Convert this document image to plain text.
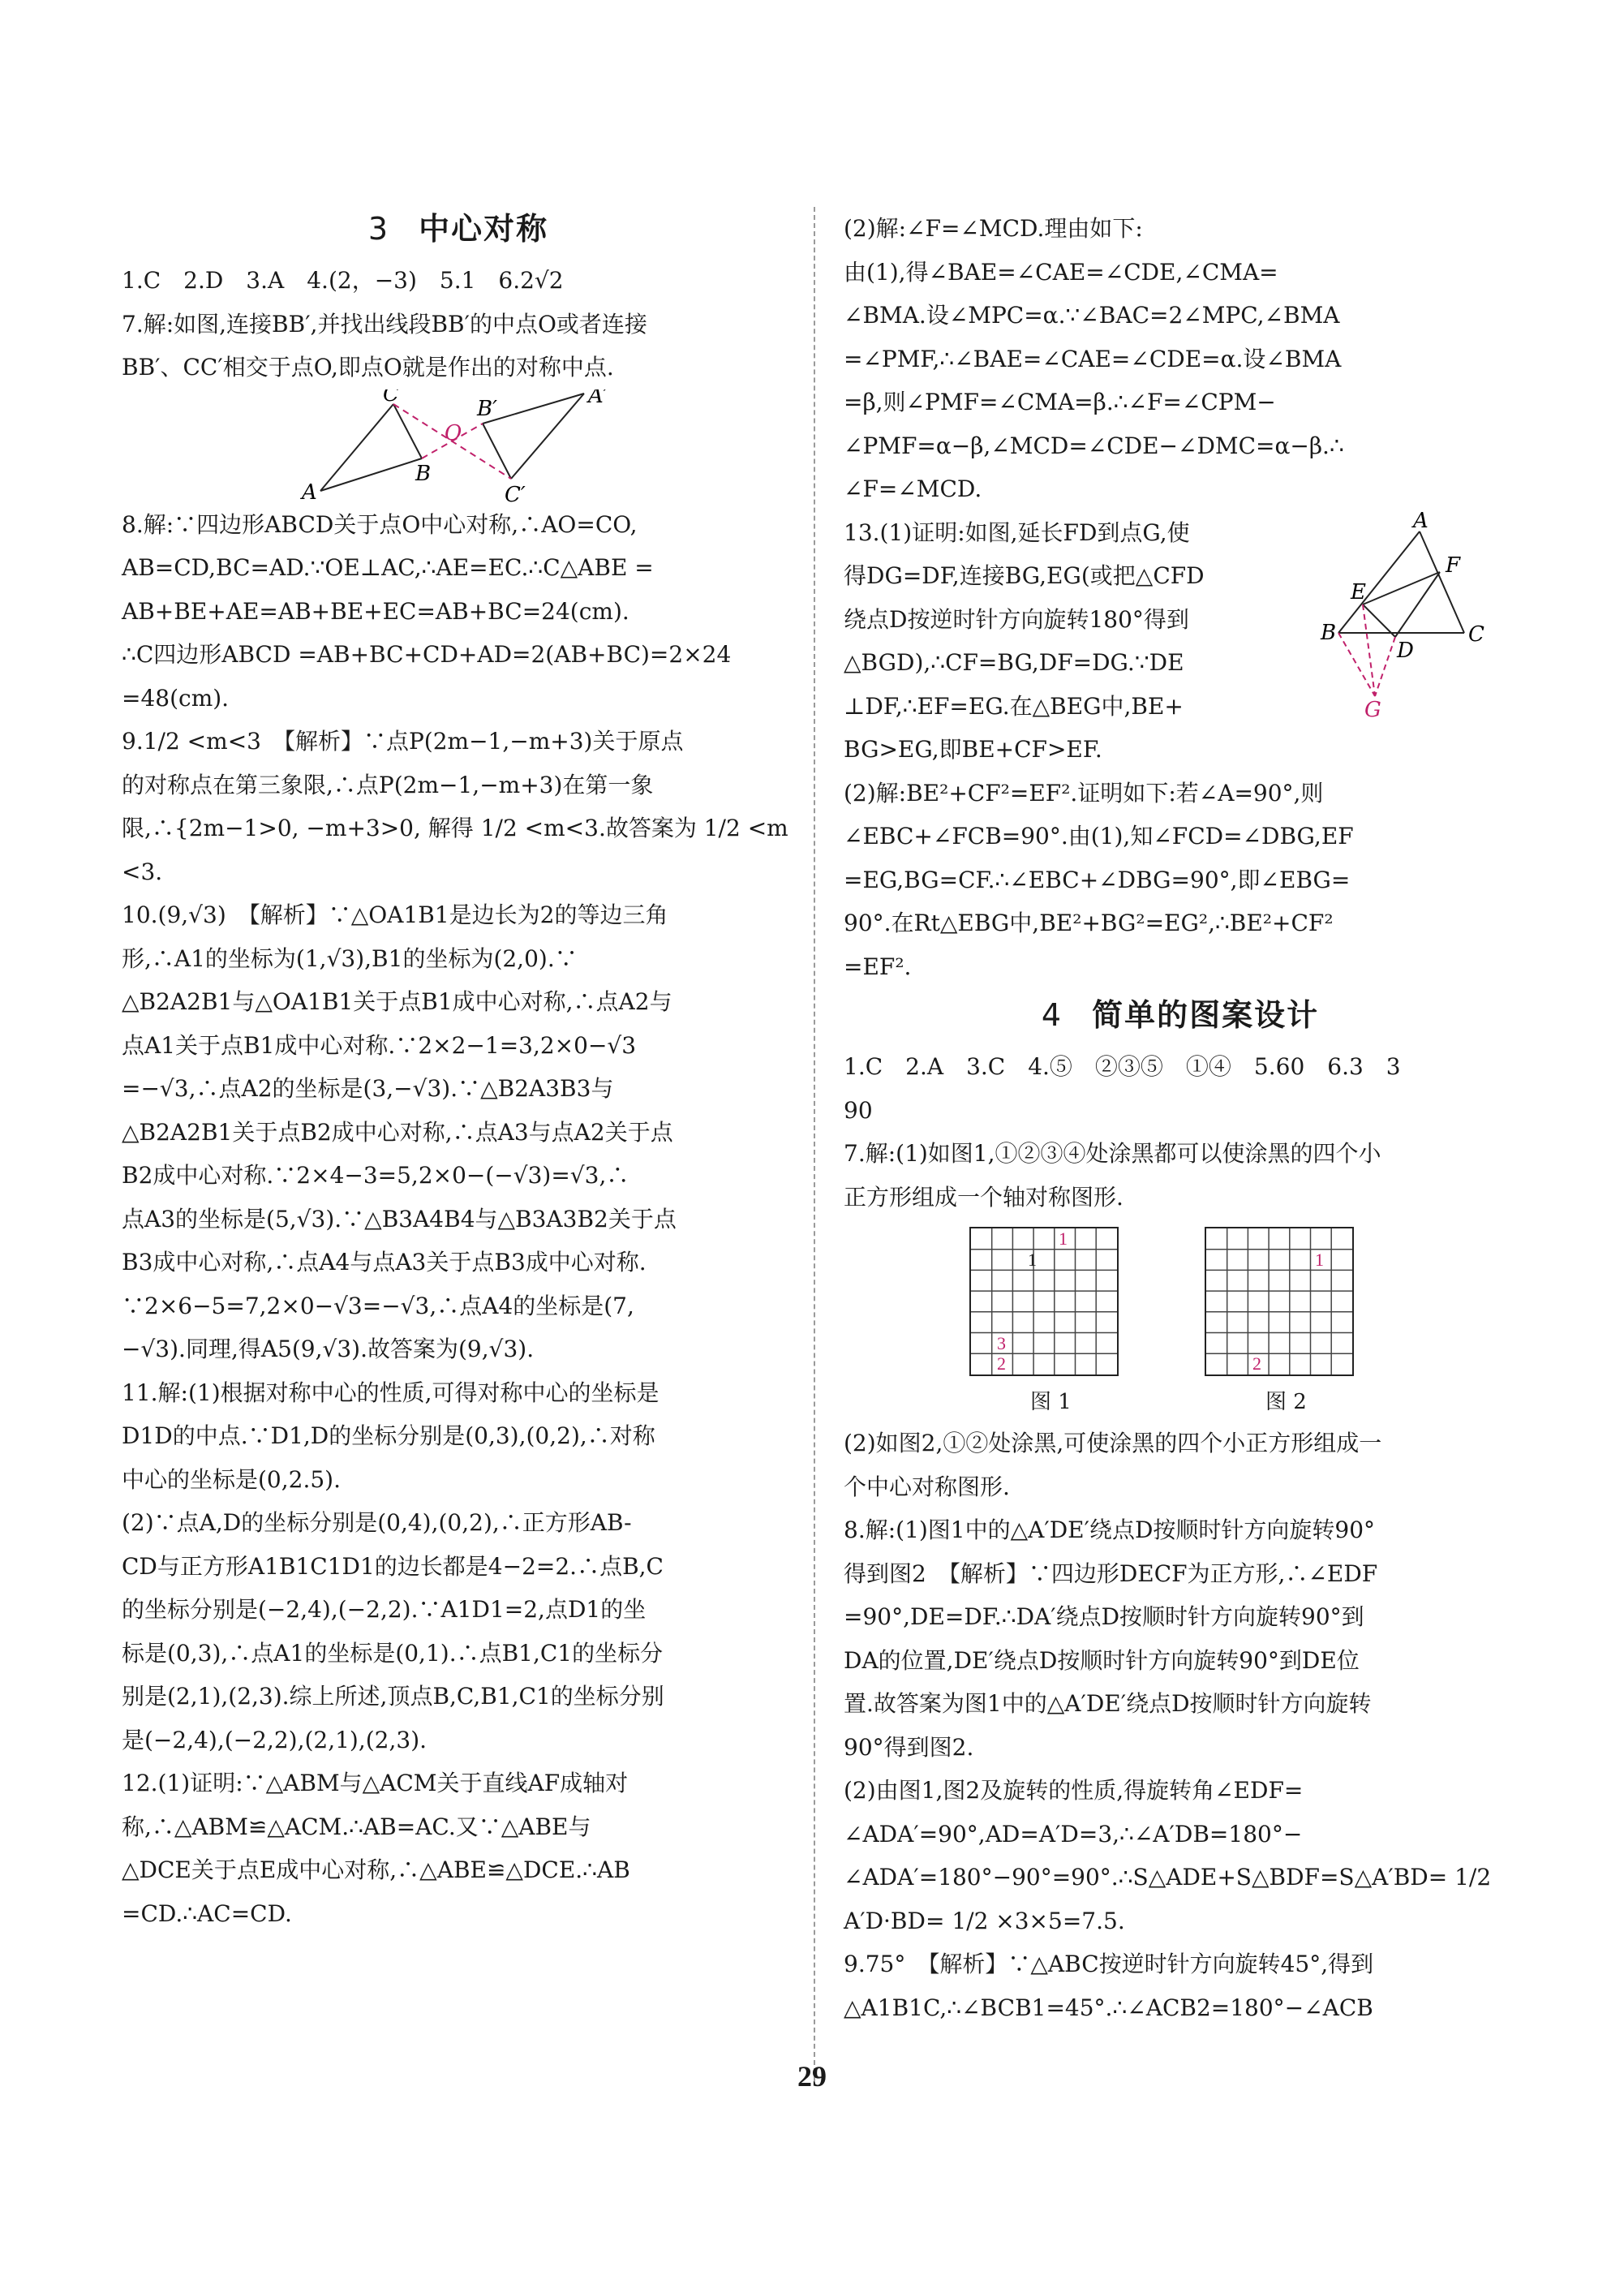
3 中心对称

1.C　2.D　3.A　4.(2，−3)　5.1　6.2√2

7.解:如图,连接BB′,并找出线段BB′的中点O或者连接

BB′、CC′相交于点O,即点O就是作出的对称中点.

C
O
B′
A′
A
B
C′

8.解:∵四边形ABCD关于点O中心对称,∴AO=CO,

AB=CD,BC=AD.∵OE⊥AC,∴AE=EC.∴C△ABE =

AB+BE+AE=AB+BE+EC=AB+BC=24(cm).

∴C四边形ABCD =AB+BC+CD+AD=2(AB+BC)=2×24

=48(cm).

9.1/2 <m<3　【解析】∵点P(2m−1,−m+3)关于原点

的对称点在第三象限,∴点P(2m−1,−m+3)在第一象

限,∴{2m−1>0, −m+3>0, 解得 1/2 <m<3.故答案为 1/2 <m

<3.

10.(9,√3)　【解析】∵△OA1B1是边长为2的等边三角

形,∴A1的坐标为(1,√3),B1的坐标为(2,0).∵

△B2A2B1与△OA1B1关于点B1成中心对称,∴点A2与

点A1关于点B1成中心对称.∵2×2−1=3,2×0−√3

=−√3,∴点A2的坐标是(3,−√3).∵△B2A3B3与

△B2A2B1关于点B2成中心对称,∴点A3与点A2关于点

B2成中心对称.∵2×4−3=5,2×0−(−√3)=√3,∴

点A3的坐标是(5,√3).∵△B3A4B4与△B3A3B2关于点

B3成中心对称,∴点A4与点A3关于点B3成中心对称.

∵2×6−5=7,2×0−√3=−√3,∴点A4的坐标是(7,

−√3).同理,得A5(9,√3).故答案为(9,√3).

11.解:(1)根据对称中心的性质,可得对称中心的坐标是

D1D的中点.∵D1,D的坐标分别是(0,3),(0,2),∴对称

中心的坐标是(0,2.5).

(2)∵点A,D的坐标分别是(0,4),(0,2),∴正方形AB-

CD与正方形A1B1C1D1的边长都是4−2=2.∴点B,C

的坐标分别是(−2,4),(−2,2).∵A1D1=2,点D1的坐

标是(0,3),∴点A1的坐标是(0,1).∴点B1,C1的坐标分

别是(2,1),(2,3).综上所述,顶点B,C,B1,C1的坐标分别

是(−2,4),(−2,2),(2,1),(2,3).

12.(1)证明:∵△ABM与△ACM关于直线AF成轴对

称,∴△ABM≌△ACM.∴AB=AC.又∵△ABE与

△DCE关于点E成中心对称,∴△ABE≌△DCE.∴AB

=CD.∴AC=CD.

(2)解:∠F=∠MCD.理由如下:

由(1),得∠BAE=∠CAE=∠CDE,∠CMA=

∠BMA.设∠MPC=α.∵∠BAC=2∠MPC,∠BMA

=∠PMF,∴∠BAE=∠CAE=∠CDE=α.设∠BMA

=β,则∠PMF=∠CMA=β.∴∠F=∠CPM−

∠PMF=α−β,∠MCD=∠CDE−∠DMC=α−β.∴

∠F=∠MCD.

13.(1)证明:如图,延长FD到点G,使

得DG=DF,连接BG,EG(或把△CFD

绕点D按逆时针方向旋转180°得到

△BGD),∴CF=BG,DF=DG.∵DE

⊥DF,∴EF=EG.在△BEG中,BE+

BG>EG,即BE+CF>EF.

A
F
E
B	C
D
G

(2)解:BE²+CF²=EF².证明如下:若∠A=90°,则

∠EBC+∠FCB=90°.由(1),知∠FCD=∠DBG,EF

=EG,BG=CF.∴∠EBC+∠DBG=90°,即∠EBG=

90°.在Rt△EBG中,BE²+BG²=EG²,∴BE²+CF²

=EF².

4 简单的图案设计

1.C　2.A　3.C　4.⑤　②③⑤　①④　5.60　6.3　3

90

7.解:(1)如图1,①②③④处涂黑都可以使涂黑的四个小

正方形组成一个轴对称图形.

1
1
3
2
图 1
1
2
图 2

(2)如图2,①②处涂黑,可使涂黑的四个小正方形组成一

个中心对称图形.

8.解:(1)图1中的△A′DE′绕点D按顺时针方向旋转90°

得到图2　【解析】∵四边形DECF为正方形,∴∠EDF

=90°,DE=DF.∴DA′绕点D按顺时针方向旋转90°到

DA的位置,DE′绕点D按顺时针方向旋转90°到DE位

置.故答案为图1中的△A′DE′绕点D按顺时针方向旋转

90°得到图2.

(2)由图1,图2及旋转的性质,得旋转角∠EDF=

∠ADA′=90°,AD=A′D=3,∴∠A′DB=180°−

∠ADA′=180°−90°=90°.∴S△ADE+S△BDF=S△A′BD= 1/2

A′D·BD= 1/2 ×3×5=7.5.

9.75°　【解析】∵△ABC按逆时针方向旋转45°,得到

△A1B1C,∴∠BCB1=45°.∴∠ACB2=180°−∠ACB

29
